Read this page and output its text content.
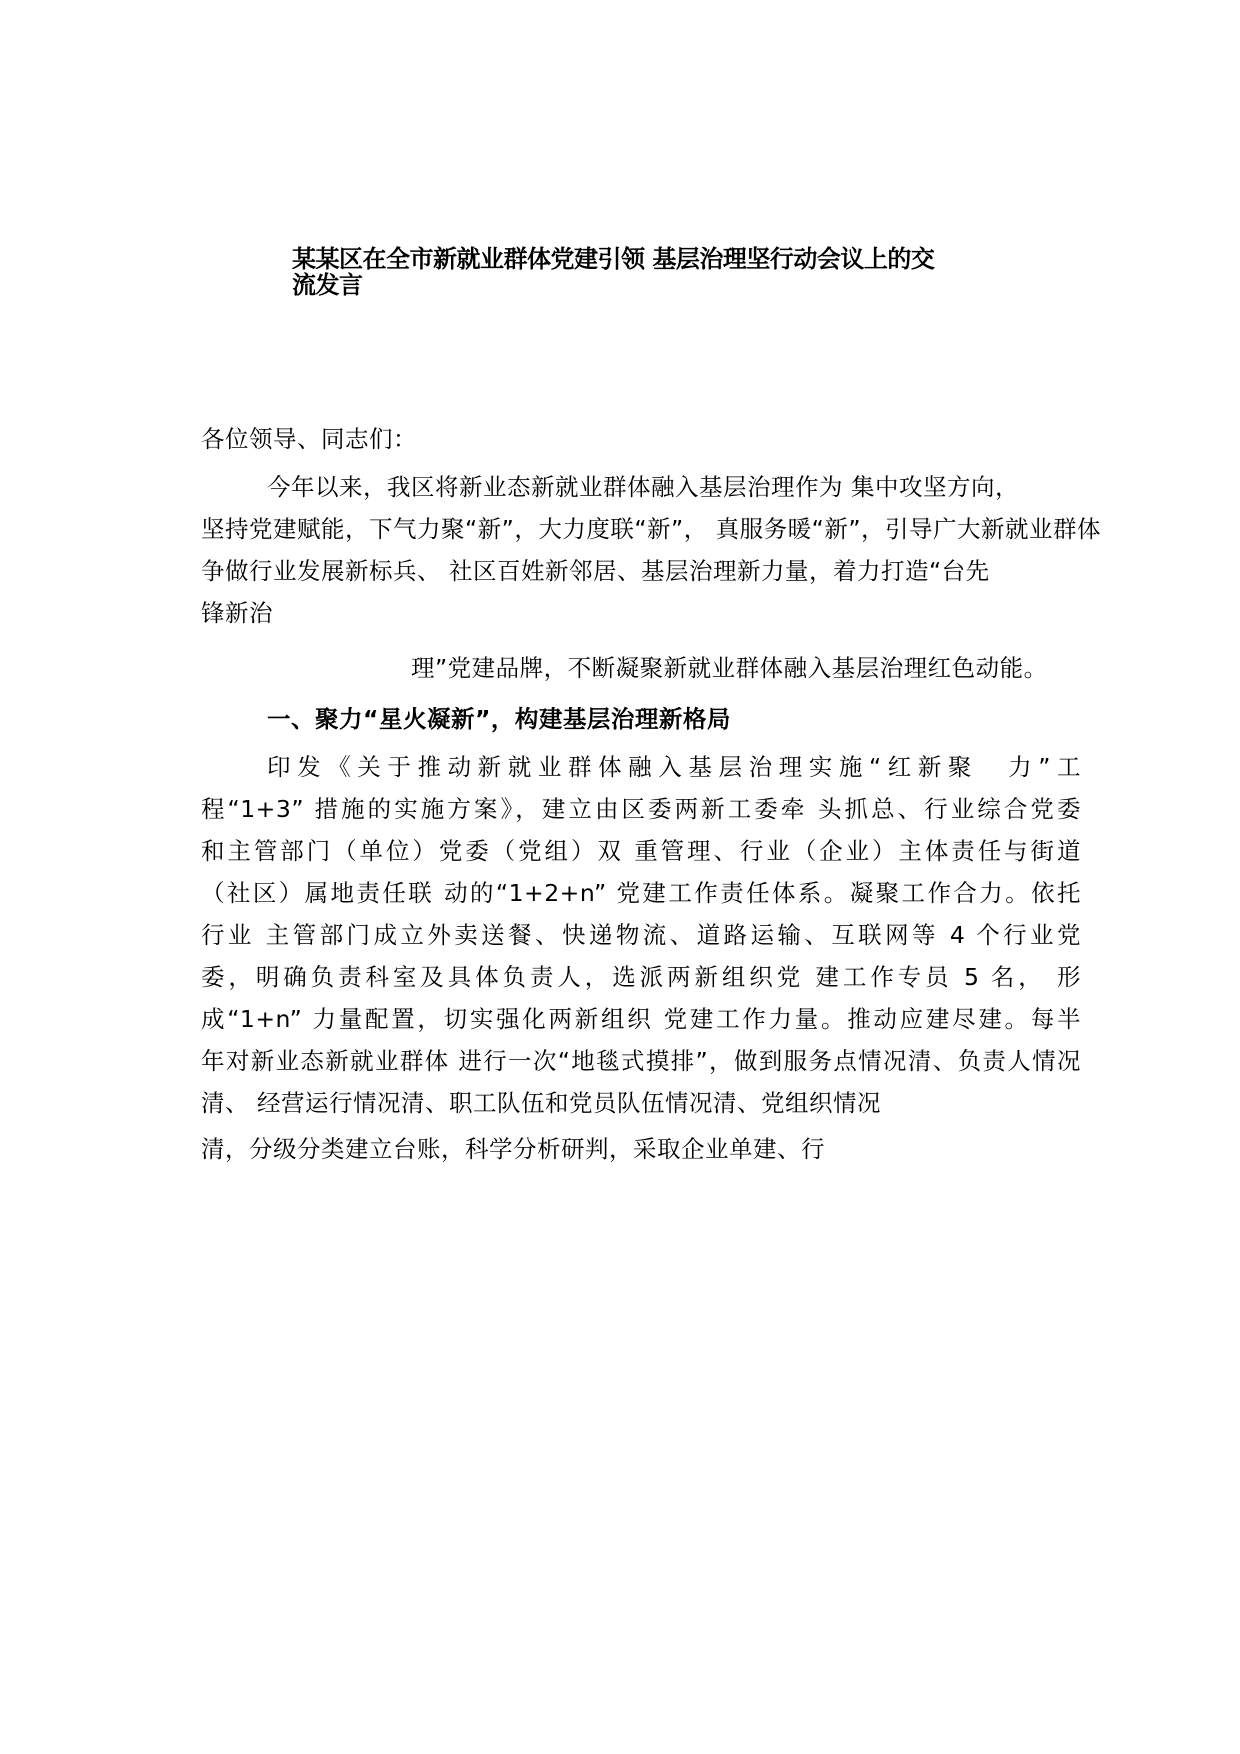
某某区在全市新就业群体党建引领 基层治理坚行动会议上的交
流发言

各位领导、同志们：

今年以来，我区将新业态新就业群体融入基层治理作为 集中攻坚方向，
坚持党建赋能，下气力聚“新”，大力度联“新”， 真服务暖“新”，引导广大新就业群体
争做行业发展新标兵、 社区百姓新邻居、基层治理新力量，着力打造“台先
锋新治
理”党建品牌，不断凝聚新就业群体融入基层治理红色动能。
一、聚力“星火凝新”，构建基层治理新格局
印发《关于推动新就业群体融入基层治理实施“红新聚　力”工
程“1+3” 措施的实施方案》，建立由区委两新工委牵 头抓总、行业综合党委
和主管部门（单位）党委（党组）双 重管理、行业（企业）主体责任与街道
（社区）属地责任联 动的“1+2+n” 党建工作责任体系。凝聚工作合力。依托
行业 主管部门成立外卖送餐、快递物流、道路运输、互联网等 4 个行业党
委，明确负责科室及具体负责人，选派两新组织党 建工作专员 5 名， 形
成“1+n” 力量配置，切实强化两新组织 党建工作力量。推动应建尽建。每半
年对新业态新就业群体 进行一次“地毯式摸排”，做到服务点情况清、负责人情况
清、 经营运行情况清、职工队伍和党员队伍情况清、党组织情况

清，分级分类建立台账，科学分析研判，采取企业单建、行
